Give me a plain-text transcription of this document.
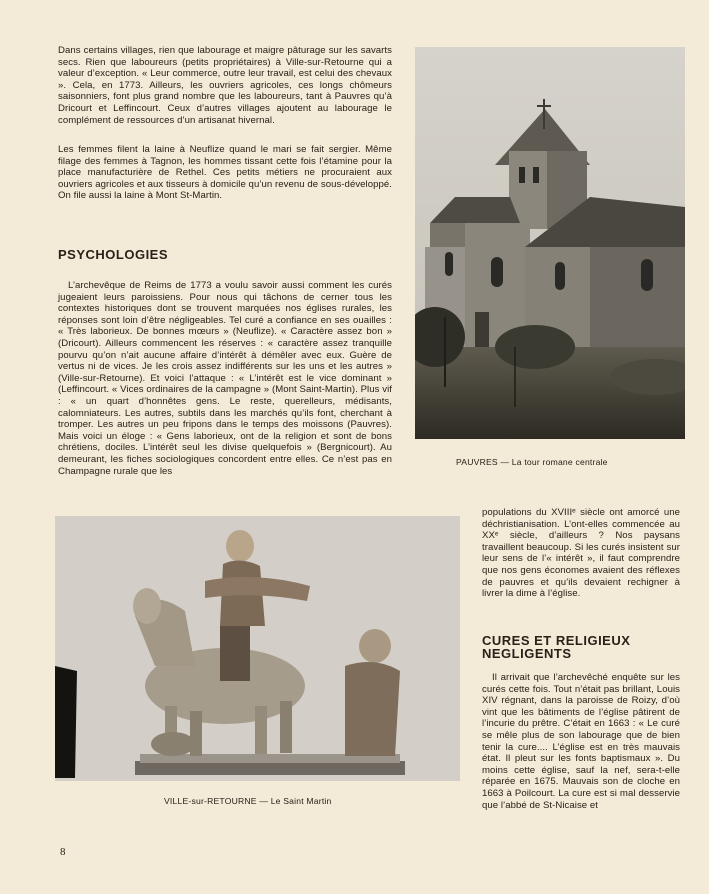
Dans certains villages, rien que labourage et maigre pâturage sur les savarts secs. Rien que laboureurs (petits propriétaires) à Ville-sur-Retourne qui a valeur d’exception. « Leur commerce, outre leur travail, est celui des chevaux ». Cela, en 1773. Ailleurs, les ouvriers agricoles, ces longs chômeurs saisonniers, font plus grand nombre que les laboureurs, tant à Pauvres qu’à Dricourt et Leffincourt. Ceux d’autres villages ajoutent au labourage le complément de ressources d’un artisanat hivernal.

Les femmes filent la laine à Neuflize quand le mari se fait sergier. Même filage des femmes à Tagnon, les hommes tissant cette fois l’étamine pour la place manufacturière de Rethel. Ces petits métiers ne procuraient aux ouvriers agricoles et aux tisseurs à domicile qu’un revenu de sous-développé. On file aussi la laine à Mont St-Martin.

PSYCHOLOGIES

L’archevêque de Reims de 1773 a voulu savoir aussi comment les curés jugeaient leurs paroissiens. Pour nous qui tâchons de cerner tous les contextes historiques dont se trouvent marquées nos églises rurales, les réponses sont loin d’être négligeables. Tel curé a confiance en ses ouailles : « Très laborieux. De bonnes mœurs » (Neuflize). « Caractère assez bon » (Dricourt). Ailleurs commencent les réserves : « caractère assez tranquille pourvu qu’on n’ait aucune affaire d’intérêt à démêler avec eux. Guère de vertus ni de vices. Je les crois assez indifférents sur les uns et les autres » (Ville-sur-Retourne). Et voici l’attaque : « L’intérêt est le vice dominant » (Leffincourt. « Vices ordinaires de la campagne » (Mont Saint-Martin). Plus vif : « un quart d’honnêtes gens. Le reste, querelleurs, médisants, calomniateurs. Les autres, subtils dans les marchés qu’ils font, cherchant à tromper. Les autres un peu fripons dans le temps des moissons (Pauvres). Mais voici un éloge : « Gens laborieux, ont de la religion et sont de bons chrétiens, dociles. L’intérêt seul les divise quelquefois » (Bergnicourt). Au demeurant, les fiches sociologiques concordent entre elles. Ce n’est pas en Champagne rurale que les

PAUVRES — La tour romane centrale

populations du XVIIIᵉ siècle ont amorcé une déchristianisation. L’ont-elles commencée au XXᵉ siècle, d’ailleurs ? Nos paysans travaillent beaucoup. Si les curés insistent sur leur sens de l’« intérêt », il faut comprendre que nos gens économes avaient des réflexes de pauvres et qu’ils devaient rechigner à livrer la dime à l’église.

CURES ET RELIGIEUX
NEGLIGENTS

Il arrivait que l’archevêché enquête sur les curés cette fois. Tout n’était pas brillant, Louis XIV régnant, dans la paroisse de Roizy, d’où vint que les bâtiments de l’église pâtirent de l’incurie du prêtre. C’était en 1663 : « Le curé se mêle plus de son labourage que de bien tenir la cure.... L’église est en très mauvais état. Il pleut sur les fonts baptismaux ». Du moins cette église, sauf la nef, sera-t-elle réparée en 1675. Mauvais son de cloche en 1663 à Poilcourt. La cure est si mal desservie que l’abbé de St-Nicaise et

VILLE-sur-RETOURNE — Le Saint Martin

8
